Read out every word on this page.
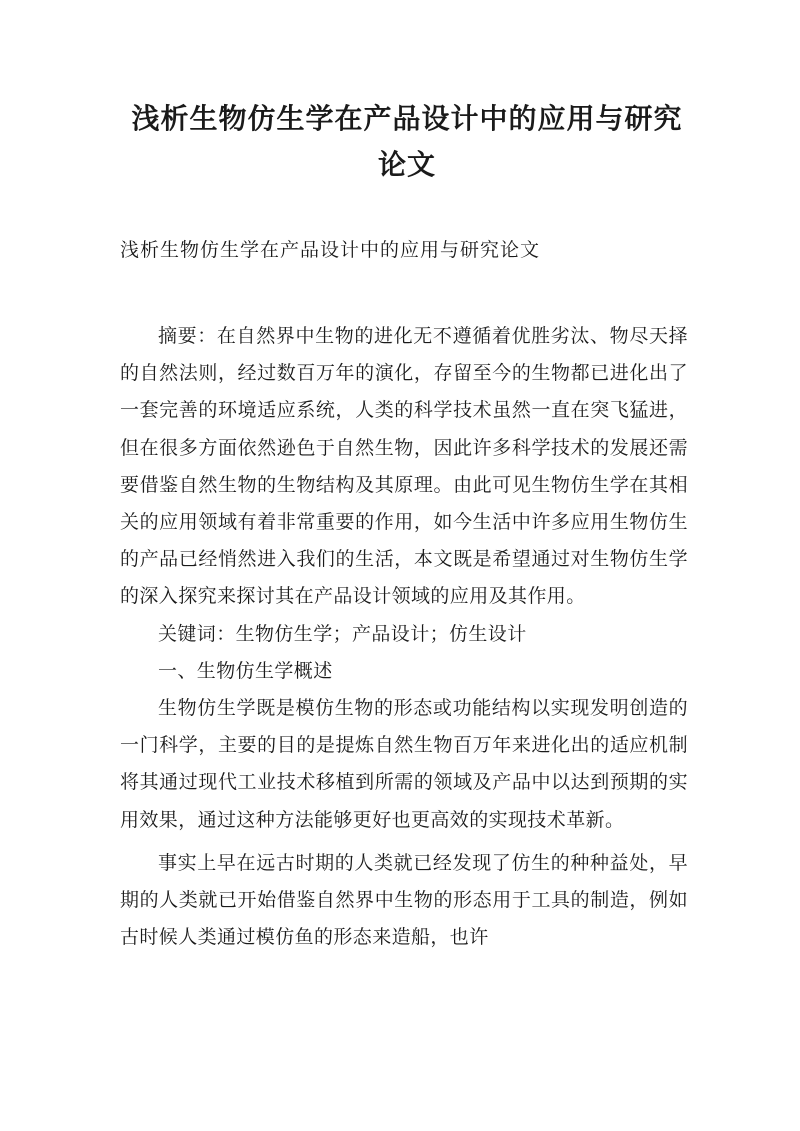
浅析生物仿生学在产品设计中的应用与研究论文

浅析生物仿生学在产品设计中的应用与研究论文

摘要：在自然界中生物的进化无不遵循着优胜劣汰、物尽天择的自然法则，经过数百万年的演化，存留至今的生物都已进化出了一套完善的环境适应系统，人类的科学技术虽然一直在突飞猛进，但在很多方面依然逊色于自然生物，因此许多科学技术的发展还需要借鉴自然生物的生物结构及其原理。由此可见生物仿生学在其相关的应用领域有着非常重要的作用，如今生活中许多应用生物仿生的产品已经悄然进入我们的生活，本文既是希望通过对生物仿生学的深入探究来探讨其在产品设计领域的应用及其作用。

关键词：生物仿生学；产品设计；仿生设计

一、生物仿生学概述

生物仿生学既是模仿生物的形态或功能结构以实现发明创造的一门科学，主要的目的是提炼自然生物百万年来进化出的适应机制将其通过现代工业技术移植到所需的领域及产品中以达到预期的实用效果，通过这种方法能够更好也更高效的实现技术革新。

事实上早在远古时期的人类就已经发现了仿生的种种益处，早期的人类就已开始借鉴自然界中生物的形态用于工具的制造，例如古时候人类通过模仿鱼的形态来造船，也许
